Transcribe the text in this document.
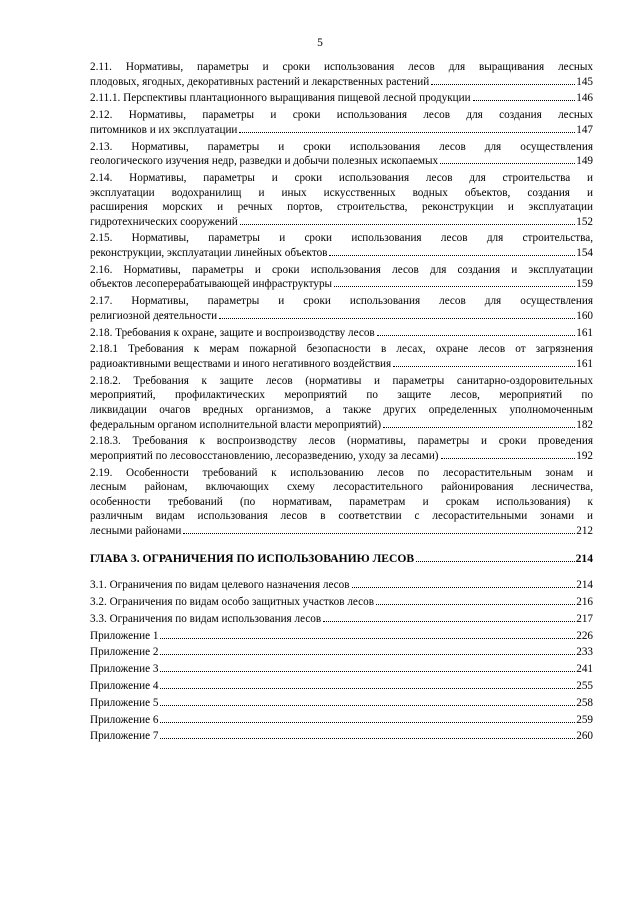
5
2.11. Нормативы, параметры и сроки использования лесов для выращивания лесных
плодовых, ягодных, декоративных растений и лекарственных растений	145
2.11.1. Перспективы плантационного выращивания пищевой лесной продукции	146
2.12. Нормативы, параметры и сроки использования лесов для создания лесных
питомников и их эксплуатации	147
2.13. Нормативы, параметры и сроки использования лесов для осуществления
геологического изучения недр, разведки и добычи полезных ископаемых	149
2.14. Нормативы, параметры и сроки использования лесов для строительства и
эксплуатации водохранилищ и иных искусственных водных объектов, создания и
расширения морских и речных портов, строительства, реконструкции и эксплуатации
гидротехнических сооружений	152
2.15. Нормативы, параметры и сроки использования лесов для строительства,
реконструкции, эксплуатации линейных объектов	154
2.16. Нормативы, параметры и сроки использования лесов для создания и эксплуатации
объектов лесоперерабатывающей инфраструктуры	159
2.17. Нормативы, параметры и сроки использования лесов для осуществления
религиозной деятельности	160
2.18. Требования к охране, защите и воспроизводству лесов	161
2.18.1 Требования к мерам пожарной безопасности в лесах, охране лесов от загрязнения
радиоактивными веществами и иного негативного воздействия	161
2.18.2. Требования к защите лесов (нормативы и параметры санитарно-оздоровительных
мероприятий, профилактических мероприятий по защите лесов, мероприятий по
ликвидации очагов вредных организмов, а также других определенных уполномоченным
федеральным органом исполнительной власти мероприятий)	182
2.18.3. Требования к воспроизводству лесов (нормативы, параметры и сроки проведения
мероприятий по лесовосстановлению, лесоразведению, уходу за лесами)	192
2.19. Особенности требований к использованию лесов по лесорастительным зонам и
лесным районам, включающих схему лесорастительного районирования лесничества,
особенности требований (по нормативам, параметрам и срокам использования) к
различным видам использования лесов в соответствии с лесорастительными зонами и
лесными районами	212
ГЛАВА 3. ОГРАНИЧЕНИЯ ПО ИСПОЛЬЗОВАНИЮ ЛЕСОВ	214
3.1. Ограничения по видам целевого назначения лесов	214
3.2. Ограничения по видам особо защитных участков лесов	216
3.3. Ограничения по видам использования лесов	217
Приложение 1	226
Приложение 2	233
Приложение 3	241
Приложение 4	255
Приложение 5	258
Приложение 6	259
Приложение 7	260
